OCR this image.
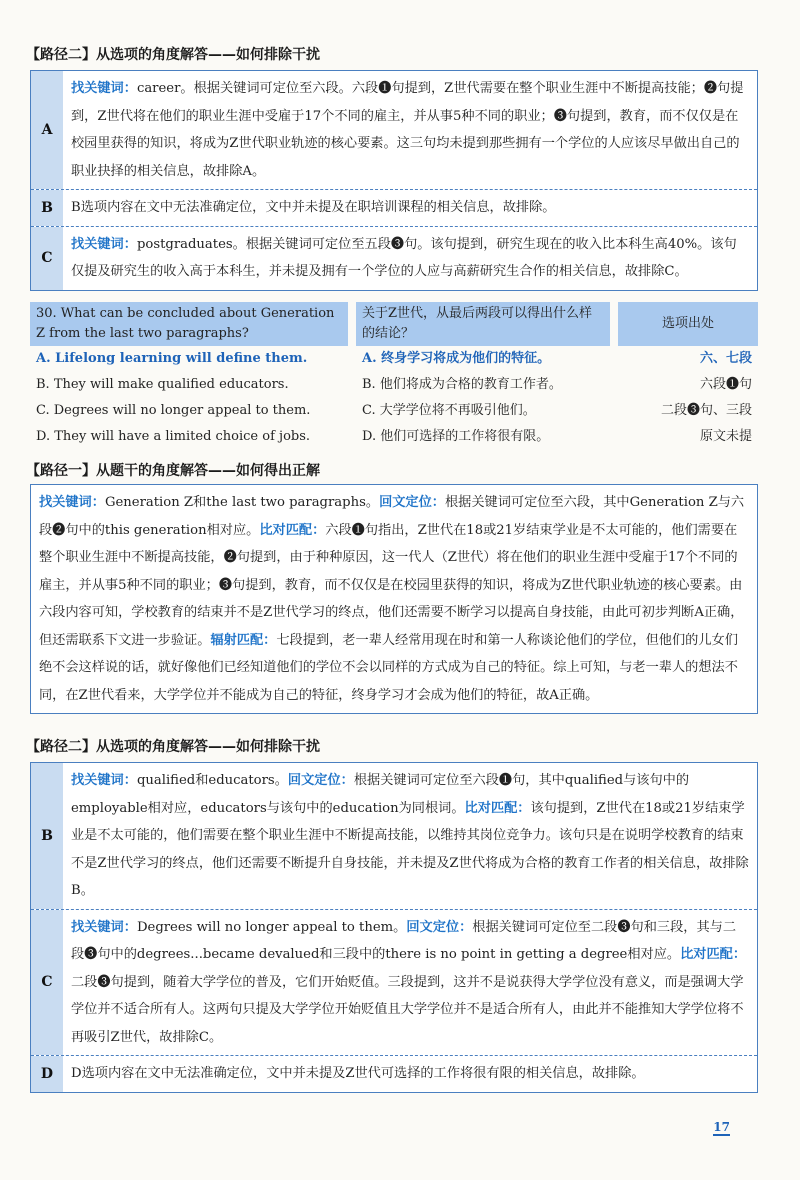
【路径二】从选项的角度解答——如何排除干扰
A
找关键词：career。根据关键词可定位至六段。六段❶句提到，Z世代需要在整个职业生涯中不断提高技能；❷句提到，Z世代将在他们的职业生涯中受雇于17个不同的雇主，并从事5种不同的职业；❸句提到，教育，而不仅仅是在校园里获得的知识，将成为Z世代职业轨迹的核心要素。这三句均未提到那些拥有一个学位的人应该尽早做出自己的职业抉择的相关信息，故排除A。
B	B选项内容在文中无法准确定位，文中并未提及在职培训课程的相关信息，故排除。
C
找关键词：postgraduates。根据关键词可定位至五段❸句。该句提到，研究生现在的收入比本科生高40%。该句仅提及研究生的收入高于本科生，并未提及拥有一个学位的人应与高薪研究生合作的相关信息，故排除C。
30. What can be concluded about Generation Z from the last two paragraphs?
关于Z世代，从最后两段可以得出什么样的结论？
选项出处
A. Lifelong learning will define them.
B. They will make qualified educators.
C. Degrees will no longer appeal to them.
D. They will have a limited choice of jobs.
A. 终身学习将成为他们的特征。
B. 他们将成为合格的教育工作者。
C. 大学学位将不再吸引他们。
D. 他们可选择的工作将很有限。
六、七段
六段❶句
二段❸句、三段
原文未提
【路径一】从题干的角度解答——如何得出正解
找关键词：Generation Z和the last two paragraphs。回文定位：根据关键词可定位至六段，其中Generation Z与六段❷句中的this generation相对应。比对匹配：六段❶句指出，Z世代在18或21岁结束学业是不太可能的，他们需要在整个职业生涯中不断提高技能，❷句提到，由于种种原因，这一代人（Z世代）将在他们的职业生涯中受雇于17个不同的雇主，并从事5种不同的职业；❸句提到，教育，而不仅仅是在校园里获得的知识，将成为Z世代职业轨迹的核心要素。由六段内容可知，学校教育的结束并不是Z世代学习的终点，他们还需要不断学习以提高自身技能，由此可初步判断A正确，但还需联系下文进一步验证。辐射匹配：七段提到，老一辈人经常用现在时和第一人称谈论他们的学位，但他们的儿女们绝不会这样说的话，就好像他们已经知道他们的学位不会以同样的方式成为自己的特征。综上可知，与老一辈人的想法不同，在Z世代看来，大学学位并不能成为自己的特征，终身学习才会成为他们的特征，故A正确。
【路径二】从选项的角度解答——如何排除干扰
B
找关键词：qualified和educators。回文定位：根据关键词可定位至六段❶句，其中qualified与该句中的employable相对应，educators与该句中的education为同根词。比对匹配：该句提到，Z世代在18或21岁结束学业是不太可能的，他们需要在整个职业生涯中不断提高技能，以维持其岗位竞争力。该句只是在说明学校教育的结束不是Z世代学习的终点，他们还需要不断提升自身技能，并未提及Z世代将成为合格的教育工作者的相关信息，故排除B。
C
找关键词：Degrees will no longer appeal to them。回文定位：根据关键词可定位至二段❸句和三段，其与二段❸句中的degrees...became devalued和三段中的there is no point in getting a degree相对应。比对匹配：二段❸句提到，随着大学学位的普及，它们开始贬值。三段提到，这并不是说获得大学学位没有意义，而是强调大学学位并不适合所有人。这两句只提及大学学位开始贬值且大学学位并不是适合所有人，由此并不能推知大学学位将不再吸引Z世代，故排除C。
D	D选项内容在文中无法准确定位，文中并未提及Z世代可选择的工作将很有限的相关信息，故排除。
17
